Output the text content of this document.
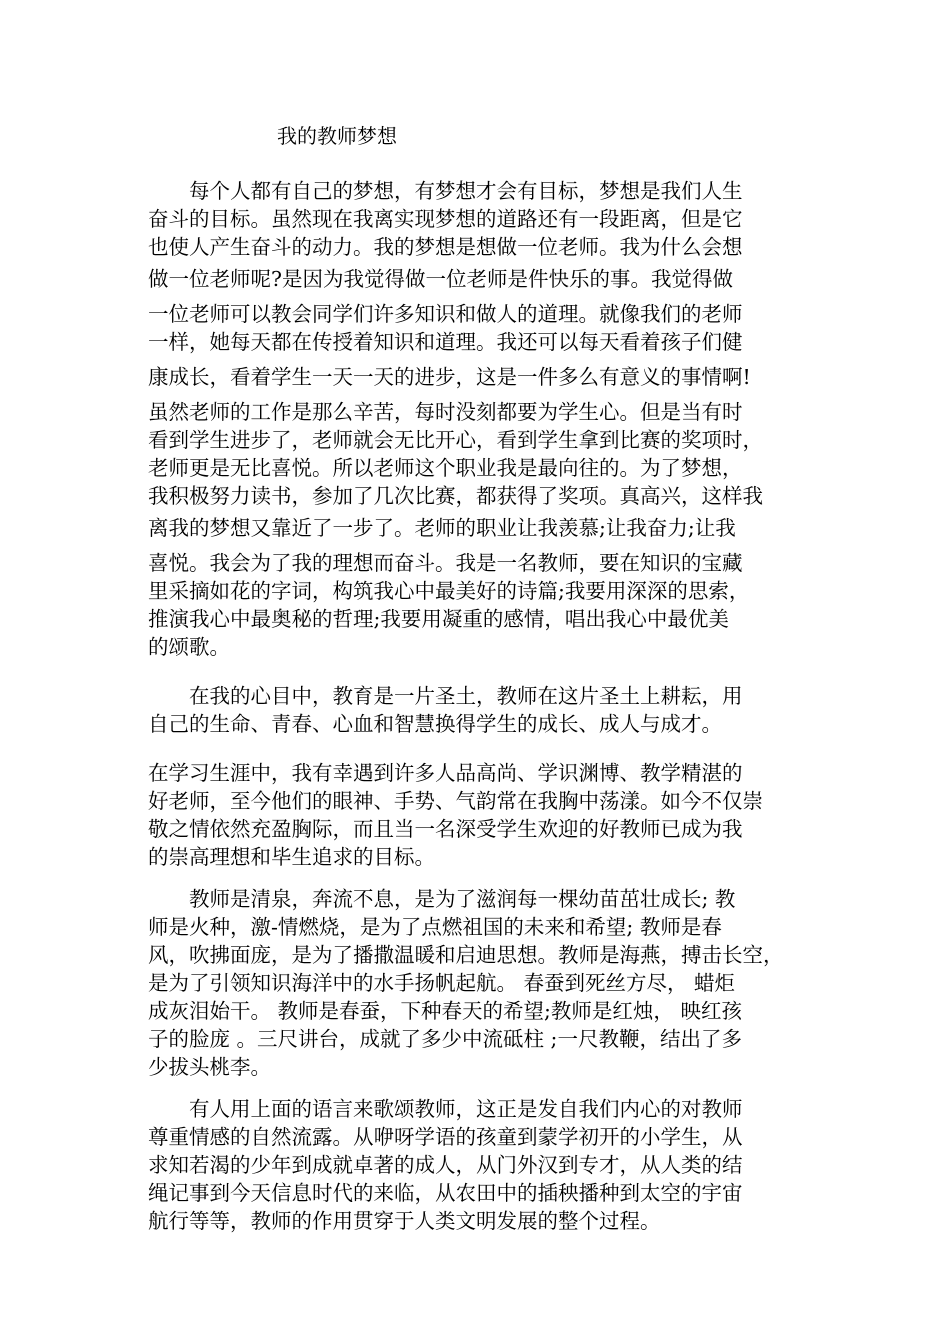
我的教师梦想
　　每个人都有自己的梦想，有梦想才会有目标，梦想是我们人生
奋斗的目标。虽然现在我离实现梦想的道路还有一段距离，但是它
也使人产生奋斗的动力。我的梦想是想做一位老师。我为什么会想
做一位老师呢?是因为我觉得做一位老师是件快乐的事。我觉得做
一位老师可以教会同学们许多知识和做人的道理。就像我们的老师
一样，她每天都在传授着知识和道理。我还可以每天看着孩子们健
康成长，看着学生一天一天的进步，这是一件多么有意义的事情啊!
虽然老师的工作是那么辛苦，每时没刻都要为学生心。但是当有时
看到学生进步了，老师就会无比开心，看到学生拿到比赛的奖项时，
老师更是无比喜悦。所以老师这个职业我是最向往的。为了梦想，
我积极努力读书，参加了几次比赛，都获得了奖项。真高兴，这样我
离我的梦想又靠近了一步了。老师的职业让我羡慕;让我奋力;让我
喜悦。我会为了我的理想而奋斗。我是一名教师，要在知识的宝藏
里采摘如花的字词，构筑我心中最美好的诗篇;我要用深深的思索，
推演我心中最奥秘的哲理;我要用凝重的感情，唱出我心中最优美
的颂歌。
　　在我的心目中，教育是一片圣土，教师在这片圣土上耕耘，用
自己的生命、青春、心血和智慧换得学生的成长、成人与成才。
在学习生涯中，我有幸遇到许多人品高尚、学识渊博、教学精湛的
好老师，至今他们的眼神、手势、气韵常在我胸中荡漾。如今不仅崇
敬之情依然充盈胸际，而且当一名深受学生欢迎的好教师已成为我
的崇高理想和毕生追求的目标。
　　教师是清泉，奔流不息，是为了滋润每一棵幼苗茁壮成长; 教
师是火种，激-情燃烧，是为了点燃祖国的未来和希望; 教师是春
风，吹拂面庞，是为了播撒温暖和启迪思想。教师是海燕，搏击长空，
是为了引领知识海洋中的水手扬帆起航。 春蚕到死丝方尽， 蜡炬
成灰泪始干。 教师是春蚕，下种春天的希望;教师是红烛， 映红孩
子的脸庞 。三尺讲台，成就了多少中流砥柱 ;一尺教鞭，结出了多
少拔头桃李。
　　有人用上面的语言来歌颂教师，这正是发自我们内心的对教师
尊重情感的自然流露。从咿呀学语的孩童到蒙学初开的小学生，从
求知若渴的少年到成就卓著的成人，从门外汉到专才，从人类的结
绳记事到今天信息时代的来临，从农田中的插秧播种到太空的宇宙
航行等等，教师的作用贯穿于人类文明发展的整个过程。
